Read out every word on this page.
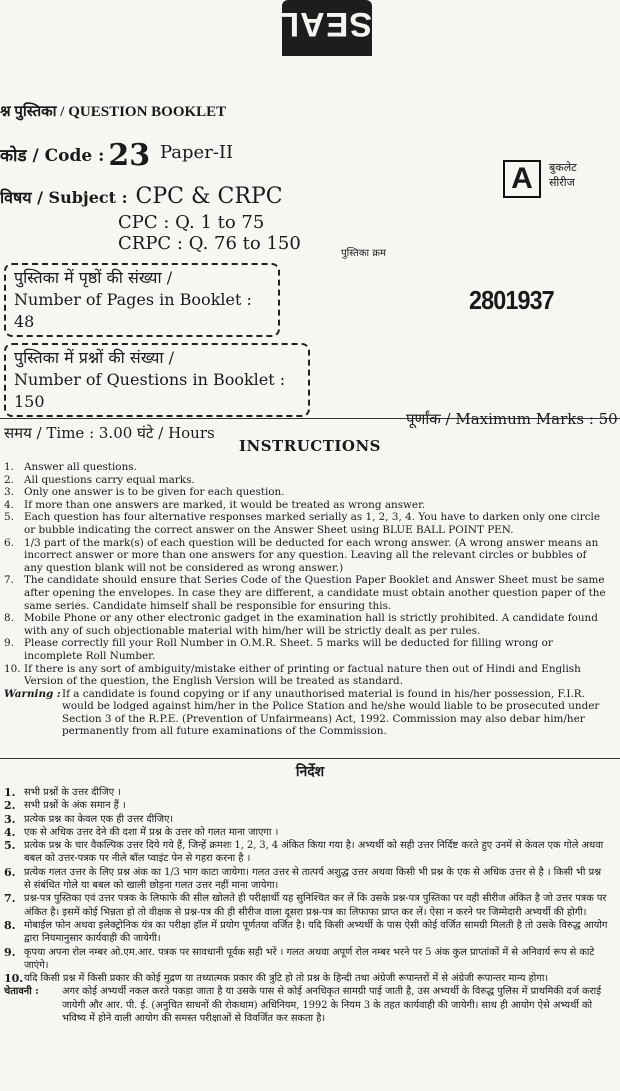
SEAL
श्न पुस्तिका / QUESTION BOOKLET
कोड / Code : 23 Paper-II
A	बुकलेट
सीरीज
विषय / Subject : CPC & CRPC
CPC : Q. 1 to 75
CRPC : Q. 76 to 150	पुस्तिका क्रम
पुस्तिका में पृष्ठों की संख्या /
Number of Pages in Booklet : 48
2801937
पुस्तिका में प्रश्नों की संख्या /
Number of Questions in Booklet : 150
समय / Time : 3.00 घंटे / Hours
पूर्णांक / Maximum Marks : 50
INSTRUCTIONS
1. Answer all questions.
2. All questions carry equal marks.
3. Only one answer is to be given for each question.
4. If more than one answers are marked, it would be treated as wrong answer.
5. Each question has four alternative responses marked serially as 1, 2, 3, 4. You have to darken only one circle or bubble indicating the correct answer on the Answer Sheet using BLUE BALL POINT PEN.
6. 1/3 part of the mark(s) of each question will be deducted for each wrong answer. (A wrong answer means an incorrect answer or more than one answers for any question. Leaving all the relevant circles or bubbles of any question blank will not be considered as wrong answer.)
7. The candidate should ensure that Series Code of the Question Paper Booklet and Answer Sheet must be same after opening the envelopes. In case they are different, a candidate must obtain another question paper of the same series. Candidate himself shall be responsible for ensuring this.
8. Mobile Phone or any other electronic gadget in the examination hall is strictly prohibited. A candidate found with any of such objectionable material with him/her will be strictly dealt as per rules.
9. Please correctly fill your Roll Number in O.M.R. Sheet. 5 marks will be deducted for filling wrong or incomplete Roll Number.
10. If there is any sort of ambiguity/mistake either of printing or factual nature then out of Hindi and English Version of the question, the English Version will be treated as standard.
Warning : If a candidate is found copying or if any unauthorised material is found in his/her possession, F.I.R. would be lodged against him/her in the Police Station and he/she would liable to be prosecuted under Section 3 of the R.P.E. (Prevention of Unfairmeans) Act, 1992. Commission may also debar him/her permanently from all future examinations of the Commission.
निर्देश
1. सभी प्रश्नों के उत्तर दीजिए ।
2. सभी प्रश्नों के अंक समान हैं ।
3. प्रत्येक प्रश्न का केवल एक ही उत्तर दीजिए।
4. एक से अधिक उत्तर देने की दशा में प्रश्न के उत्तर को गलत माना जाएगा ।
5. प्रत्येक प्रश्न के चार वैकल्पिक उत्तर दिये गये हैं, जिन्हें क्रमशः 1, 2, 3, 4 अंकित किया गया है। अभ्यर्थी को सही उत्तर निर्दिष्ट करते हुए उनमें से केवल एक गोले अथवा बबल को उत्तर-पत्रक पर नीले बॉल प्वाइंट पेन से गहरा करना है ।
6. प्रत्येक गलत उत्तर के लिए प्रश्न अंक का 1/3 भाग काटा जायेगा। गलत उत्तर से तात्पर्य अशुद्ध उत्तर अथवा किसी भी प्रश्न के एक से अधिक उत्तर से है । किसी भी प्रश्न से संबंधित गोले या बबल को खाली छोड़ना गलत उत्तर नहीं माना जायेगा।
7. प्रश्न-पत्र पुस्तिका एवं उत्तर पत्रक के लिफाफे की सील खोलते ही परीक्षार्थी यह सुनिश्चित कर लें कि उसके प्रश्न-पत्र पुस्तिका पर वही सीरीज अंकित है जो उत्तर पत्रक पर अंकित है। इसमें कोई भिन्नता हो तो वीक्षक से प्रश्न-पत्र की ही सीरीज वाला दूसरा प्रश्न-पत्र का लिफाफा प्राप्त कर लें। ऐसा न करने पर जिम्मेदारी अभ्यर्थी की होगी।
8. मोबाईल फोन अथवा इलेक्ट्रोनिक यंत्र का परीक्षा हॉल में प्रयोग पूर्णतया वर्जित है। यदि किसी अभ्यर्थी के पास ऐसी कोई वर्जित सामग्री मिलती है तो उसके विरुद्ध आयोग द्वारा नियमानुसार कार्यवाही की जायेगी।
9. कृपया अपना रोल नम्बर ओ.एम.आर. पत्रक पर सावधानी पूर्वक सही भरें । गलत अथवा अपूर्ण रोल नम्बर भरने पर 5 अंक कुल प्राप्तांकों में से अनिवार्य रूप से काटे जाएंगे।
10. यदि किसी प्रश्न में किसी प्रकार की कोई मुद्रण या तथ्यात्मक प्रकार की त्रुटि हो तो प्रश्न के हिन्दी तथा अंग्रेजी रूपान्तरों में से अंग्रेजी रूपान्तर मान्य होगा।
चेतावनी :	अगर कोई अभ्यर्थी नकल करते पकड़ा जाता है या उसके पास से कोई अनधिकृत सामग्री पाई जाती है, उस अभ्यर्थी के विरुद्ध पुलिस में प्राथमिकी दर्ज कराई जायेगी और आर. पी. ई. (अनुचित साधनों की रोकथाम) अधिनियम, 1992 के नियम 3 के तहत कार्यवाही की जायेगी। साथ ही आयोग ऐसे अभ्यर्थी को भविष्य में होने वाली आयोग की समस्त परीक्षाओं से विवर्जित कर सकता है।
